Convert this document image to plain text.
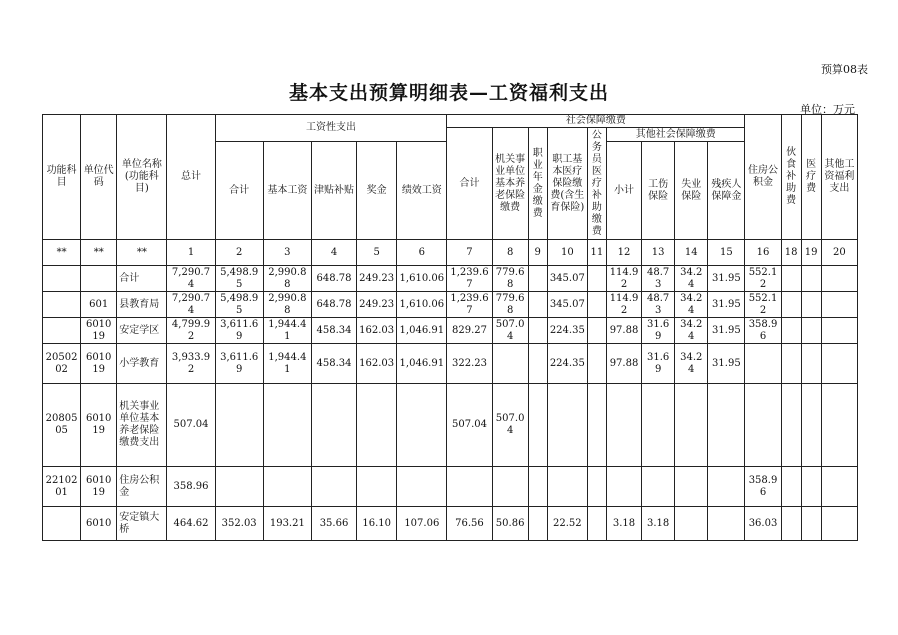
预算08表
基本支出预算明细表—工资福利支出
单位：万元
功能科目	单位代码	单位名称(功能科目)	总计	工资性支出					社会保障缴费									住房公积金	伙食补助费	医疗费	其他工资福利支出
									合计	机关事业单位基本养老保险缴费	职业年金缴费	职工基本医疗保险缴费(含生育保险)	公务员医疗补助缴费	其他社会保障缴费							
				合计	基本工资	津贴补贴	奖金	绩效工资						小计	工伤保险	失业保险	残疾人保障金				
**	**	**	1	2	3	4	5	6	7	8	9	10	11	12	13	14	15	16	18	19	20
		合计	7,290.74	5,498.95	2,990.88	648.78	249.23	1,610.06	1,239.67	779.68		345.07		114.92	48.73	34.24	31.95	552.12			
	601	县教育局	7,290.74	5,498.95	2,990.88	648.78	249.23	1,610.06	1,239.67	779.68		345.07		114.92	48.73	34.24	31.95	552.12			
	601019	安定学区	4,799.92	3,611.69	1,944.41	458.34	162.03	1,046.91	829.27	507.04		224.35		97.88	31.69	34.24	31.95	358.96			
2050202	601019	小学教育	3,933.92	3,611.69	1,944.41	458.34	162.03	1,046.91	322.23			224.35		97.88	31.69	34.24	31.95				
2080505	601019	机关事业单位基本养老保险缴费支出	507.04						507.04	507.04											
2210201	601019	住房公积金	358.96															358.96			
	6010	安定镇大桥	464.62	352.03	193.21	35.66	16.10	107.06	76.56	50.86		22.52		3.18	3.18			36.03			
